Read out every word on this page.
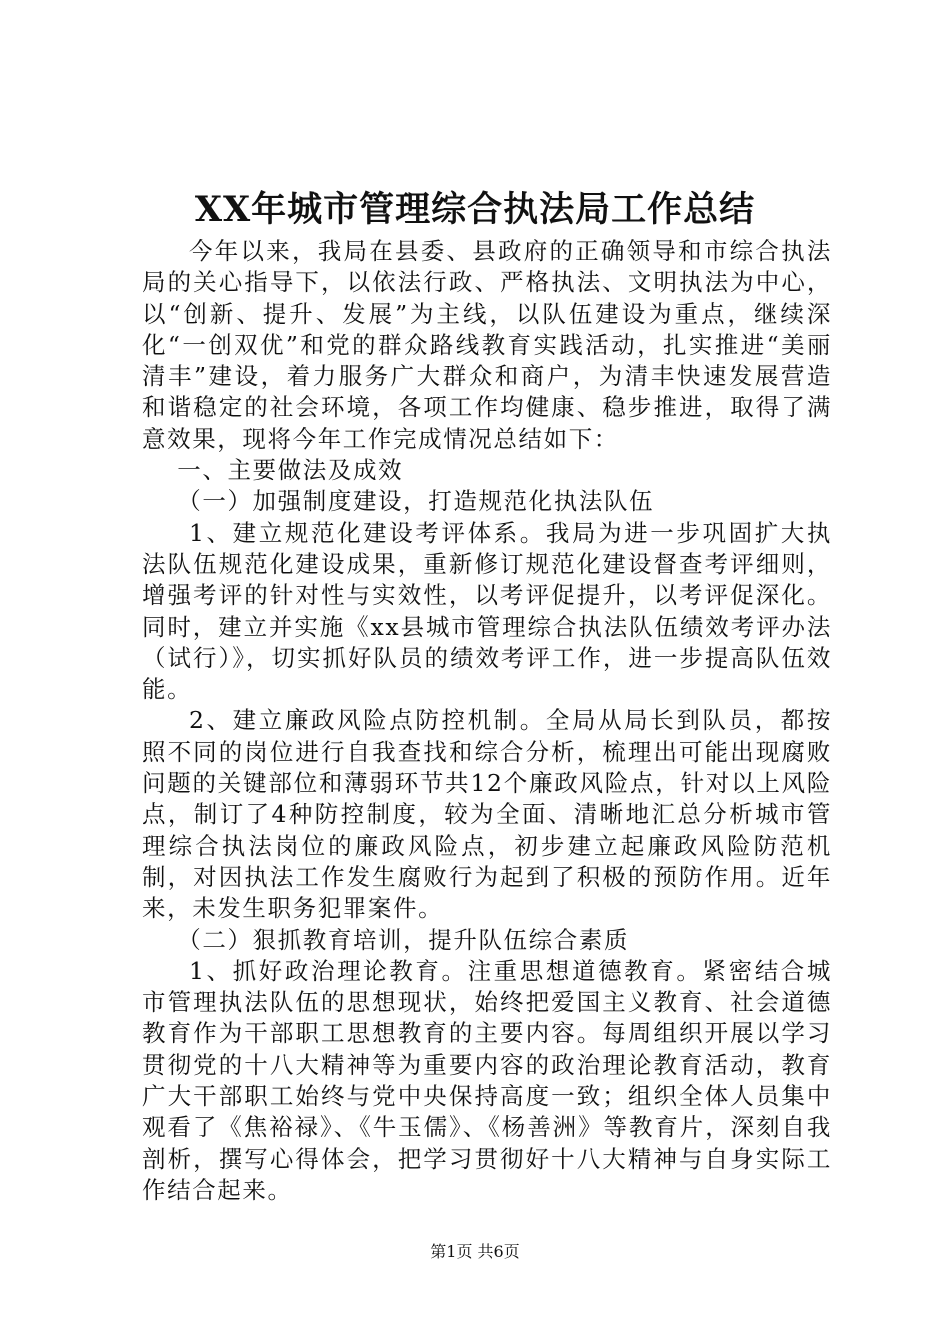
XX年城市管理综合执法局工作总结

今年以来，我局在县委、县政府的正确领导和市综合执法局的关心指导下，以依法行政、严格执法、文明执法为中心，以“创新、提升、发展”为主线，以队伍建设为重点，继续深化“一创双优”和党的群众路线教育实践活动，扎实推进“美丽清丰”建设，着力服务广大群众和商户，为清丰快速发展营造和谐稳定的社会环境，各项工作均健康、稳步推进，取得了满意效果，现将今年工作完成情况总结如下：

一、主要做法及成效

（一）加强制度建设，打造规范化执法队伍

1、建立规范化建设考评体系。我局为进一步巩固扩大执法队伍规范化建设成果，重新修订规范化建设督查考评细则，增强考评的针对性与实效性，以考评促提升，以考评促深化。同时，建立并实施《xx县城市管理综合执法队伍绩效考评办法（试行）》，切实抓好队员的绩效考评工作，进一步提高队伍效能。

2、建立廉政风险点防控机制。全局从局长到队员，都按照不同的岗位进行自我查找和综合分析，梳理出可能出现腐败问题的关键部位和薄弱环节共12个廉政风险点，针对以上风险点，制订了4种防控制度，较为全面、清晰地汇总分析城市管理综合执法岗位的廉政风险点，初步建立起廉政风险防范机制，对因执法工作发生腐败行为起到了积极的预防作用。近年来，未发生职务犯罪案件。

（二）狠抓教育培训，提升队伍综合素质

1、抓好政治理论教育。注重思想道德教育。紧密结合城市管理执法队伍的思想现状，始终把爱国主义教育、社会道德教育作为干部职工思想教育的主要内容。每周组织开展以学习贯彻党的十八大精神等为重要内容的政治理论教育活动，教育广大干部职工始终与党中央保持高度一致；组织全体人员集中观看了《焦裕禄》、《牛玉儒》、《杨善洲》等教育片，深刻自我剖析，撰写心得体会，把学习贯彻好十八大精神与自身实际工作结合起来。

第1页 共6页
